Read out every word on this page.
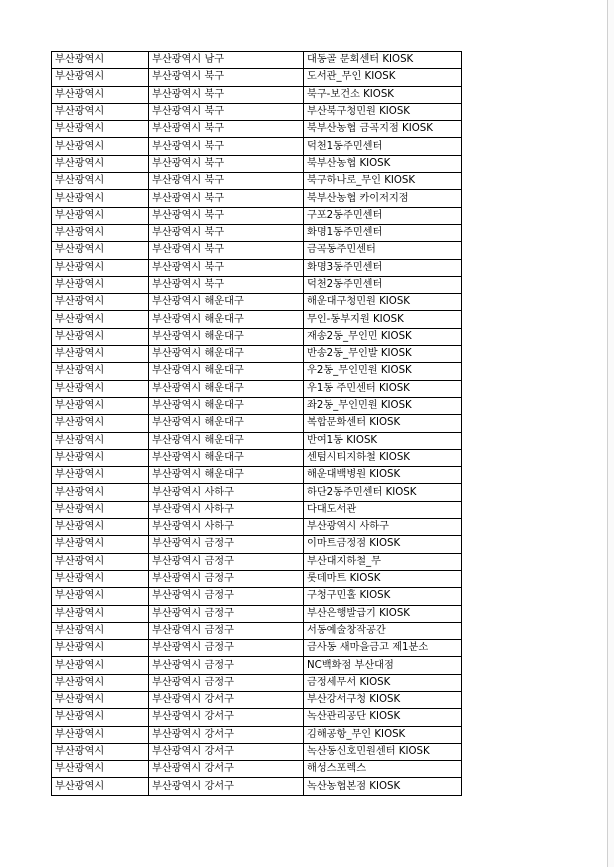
부산광역시	부산광역시 남구	대동골 문회센터 KIOSK
부산광역시	부산광역시 북구	도서관_무인 KIOSK
부산광역시	부산광역시 북구	북구-보건소 KIOSK
부산광역시	부산광역시 북구	부산북구청민원 KIOSK
부산광역시	부산광역시 북구	북부산농협 금곡지점 KIOSK
부산광역시	부산광역시 북구	덕천1동주민센터
부산광역시	부산광역시 북구	북부산농협 KIOSK
부산광역시	부산광역시 북구	북구하나로_무인 KIOSK
부산광역시	부산광역시 북구	북부산농협 카이저지점
부산광역시	부산광역시 북구	구포2동주민센터
부산광역시	부산광역시 북구	화명1동주민센터
부산광역시	부산광역시 북구	금곡동주민센터
부산광역시	부산광역시 북구	화명3동주민센터
부산광역시	부산광역시 북구	덕천2동주민센터
부산광역시	부산광역시 해운대구	해운대구청민원 KIOSK
부산광역시	부산광역시 해운대구	무인-동부지원 KIOSK
부산광역시	부산광역시 해운대구	재송2동_무인민 KIOSK
부산광역시	부산광역시 해운대구	반송2동_무인발 KIOSK
부산광역시	부산광역시 해운대구	우2동_무인민원 KIOSK
부산광역시	부산광역시 해운대구	우1동 주민센터 KIOSK
부산광역시	부산광역시 해운대구	좌2동_무인민원 KIOSK
부산광역시	부산광역시 해운대구	복합문화센터 KIOSK
부산광역시	부산광역시 해운대구	반여1동 KIOSK
부산광역시	부산광역시 해운대구	센텀시티지하철 KIOSK
부산광역시	부산광역시 해운대구	해운대백병원 KIOSK
부산광역시	부산광역시 사하구	하단2동주민센터 KIOSK
부산광역시	부산광역시 사하구	다대도서관
부산광역시	부산광역시 사하구	부산광역시 사하구
부산광역시	부산광역시 금정구	이마트금정점 KIOSK
부산광역시	부산광역시 금정구	부산대지하철_무
부산광역시	부산광역시 금정구	롯데마트 KIOSK
부산광역시	부산광역시 금정구	구청구민홀 KIOSK
부산광역시	부산광역시 금정구	부산은행발급기 KIOSK
부산광역시	부산광역시 금정구	서동예술창작공간
부산광역시	부산광역시 금정구	금사동 새마을금고 제1분소
부산광역시	부산광역시 금정구	NC백화점 부산대점
부산광역시	부산광역시 금정구	금정세무서 KIOSK
부산광역시	부산광역시 강서구	부산강서구청 KIOSK
부산광역시	부산광역시 강서구	녹산관리공단 KIOSK
부산광역시	부산광역시 강서구	김해공항_무인 KIOSK
부산광역시	부산광역시 강서구	녹산동신호민원센터 KIOSK
부산광역시	부산광역시 강서구	해성스포렉스
부산광역시	부산광역시 강서구	녹산농협본점 KIOSK
